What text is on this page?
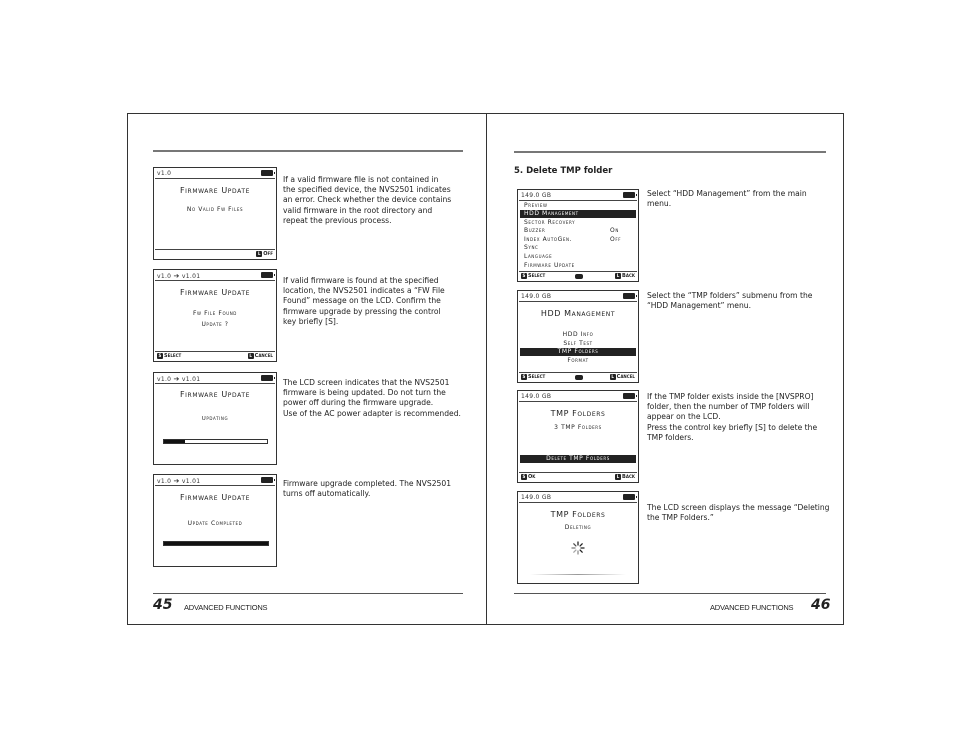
v1.0
Firmware Update
No Valid Fw Files
L Off

If a valid firmware file is not contained in
the specified device, the NVS2501 indicates
an error. Check whether the device contains
valid firmware in the root directory and
repeat the previous process.

v1.0 ➔ v1.01
Firmware Update
Fw File Found
Update ?
S Select	L Cancel

If valid firmware is found at the specified
location, the NVS2501 indicates a “FW File
Found” message on the LCD. Confirm the
firmware upgrade by pressing the control
key briefly [S].

v1.0 ➔ v1.01
Firmware Update
Updating

The LCD screen indicates that the NVS2501
firmware is being updated. Do not turn the
power off during the firmware upgrade.
Use of the AC power adapter is recommended.

v1.0 ➔ v1.01
Firmware Update
Update Completed

Firmware upgrade completed. The NVS2501
turns off automatically.

45 ADVANCED FUNCTIONS
5. Delete TMP folder
149.0 GB
Preview
HDD Management
Sector Recovery
Buzzer	On
Index AutoGen.	Off
Sync
Language
Firmware Update
S Select	L Back

Select “HDD Management” from the main
menu.

149.0 GB
HDD Management
HDD Info
Self Test
TMP Folders
Format
S Select	L Cancel

Select the “TMP folders” submenu from the
“HDD Management” menu.

149.0 GB
TMP Folders
3 TMP Folders
Delete TMP Folders
S Ok	L Back

If the TMP folder exists inside the [NVSPRO]
folder, then the number of TMP folders will
appear on the LCD.
Press the control key briefly [S] to delete the
TMP folders.

149.0 GB
TMP Folders
Deleting

The LCD screen displays the message “Deleting
the TMP Folders.”

ADVANCED FUNCTIONS 46
